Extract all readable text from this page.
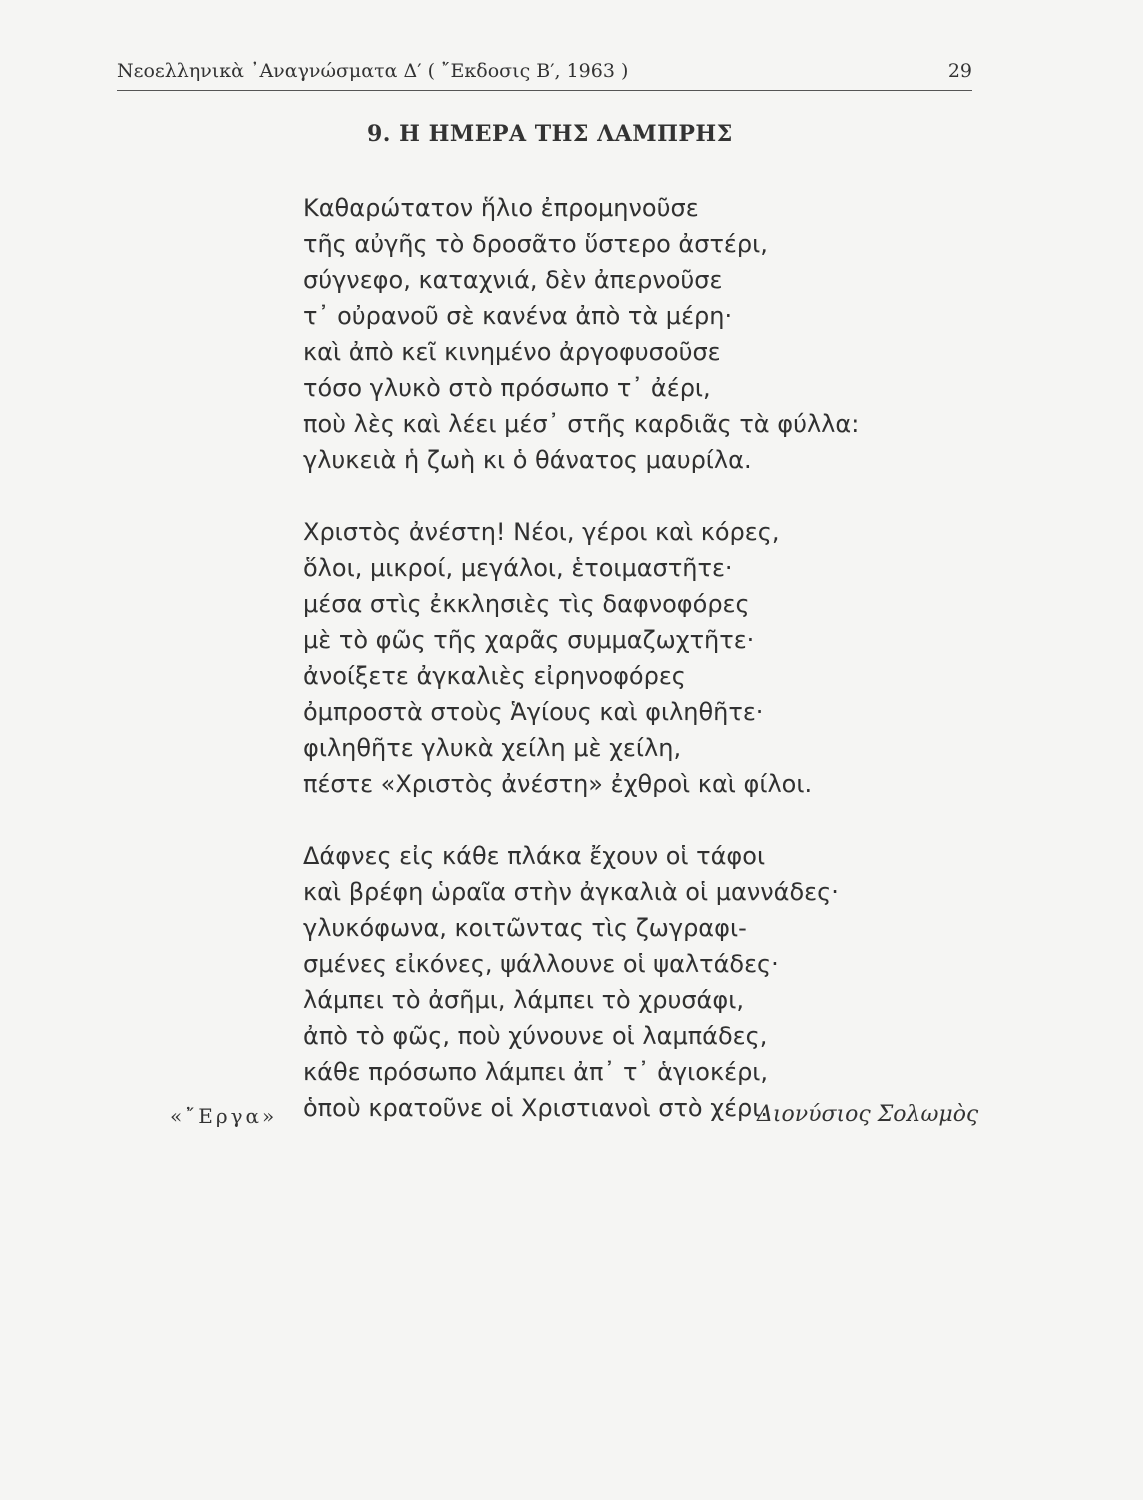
Νεοελληνικὰ ᾿Αναγνώσματα Δ′ ( ῎Εκδοσις Β′, 1963 )	29
9. Η ΗΜΕΡΑ ΤΗΣ ΛΑΜΠΡΗΣ

Καθαρώτατον ἥλιο ἐπρομηνοῦσε
τῆς αὐγῆς τὸ δροσᾶτο ὕστερο ἀστέρι,
σύγνεφο, καταχνιά, δὲν ἀπερνοῦσε
τ᾿ οὐρανοῦ σὲ κανένα ἀπὸ τὰ μέρη·
καὶ ἀπὸ κεῖ κινημένο ἀργοφυσοῦσε
τόσο γλυκὸ στὸ πρόσωπο τ᾿ ἀέρι,
ποὺ λὲς καὶ λέει μέσ᾿ στῆς καρδιᾶς τὰ φύλλα:
γλυκειὰ ἡ ζωὴ κι ὁ θάνατος μαυρίλα.

Χριστὸς ἀνέστη! Νέοι, γέροι καὶ κόρες,
ὅλοι, μικροί, μεγάλοι, ἑτοιμαστῆτε·
μέσα στὶς ἐκκλησιὲς τὶς δαφνοφόρες
μὲ τὸ φῶς τῆς χαρᾶς συμμαζωχτῆτε·
ἀνοίξετε ἀγκαλιὲς εἰρηνοφόρες
ὀμπροστὰ στοὺς Ἁγίους καὶ φιληθῆτε·
φιληθῆτε γλυκὰ χείλη μὲ χείλη,
πέστε «Χριστὸς ἀνέστη» ἐχθροὶ καὶ φίλοι.

Δάφνες εἰς κάθε πλάκα ἔχουν οἱ τάφοι
καὶ βρέφη ὡραῖα στὴν ἀγκαλιὰ οἱ μαννάδες·
γλυκόφωνα, κοιτῶντας τὶς ζωγραφι-
σμένες εἰκόνες, ψάλλουνε οἱ ψαλτάδες·
λάμπει τὸ ἀσῆμι, λάμπει τὸ χρυσάφι,
ἀπὸ τὸ φῶς, ποὺ χύνουνε οἱ λαμπάδες,
κάθε πρόσωπο λάμπει ἀπ᾿ τ᾿ ἁγιοκέρι,
ὁποὺ κρατοῦνε οἱ Χριστιανοὶ στὸ χέρι.

«῎Εργα»	Διονύσιος Σολωμὸς
